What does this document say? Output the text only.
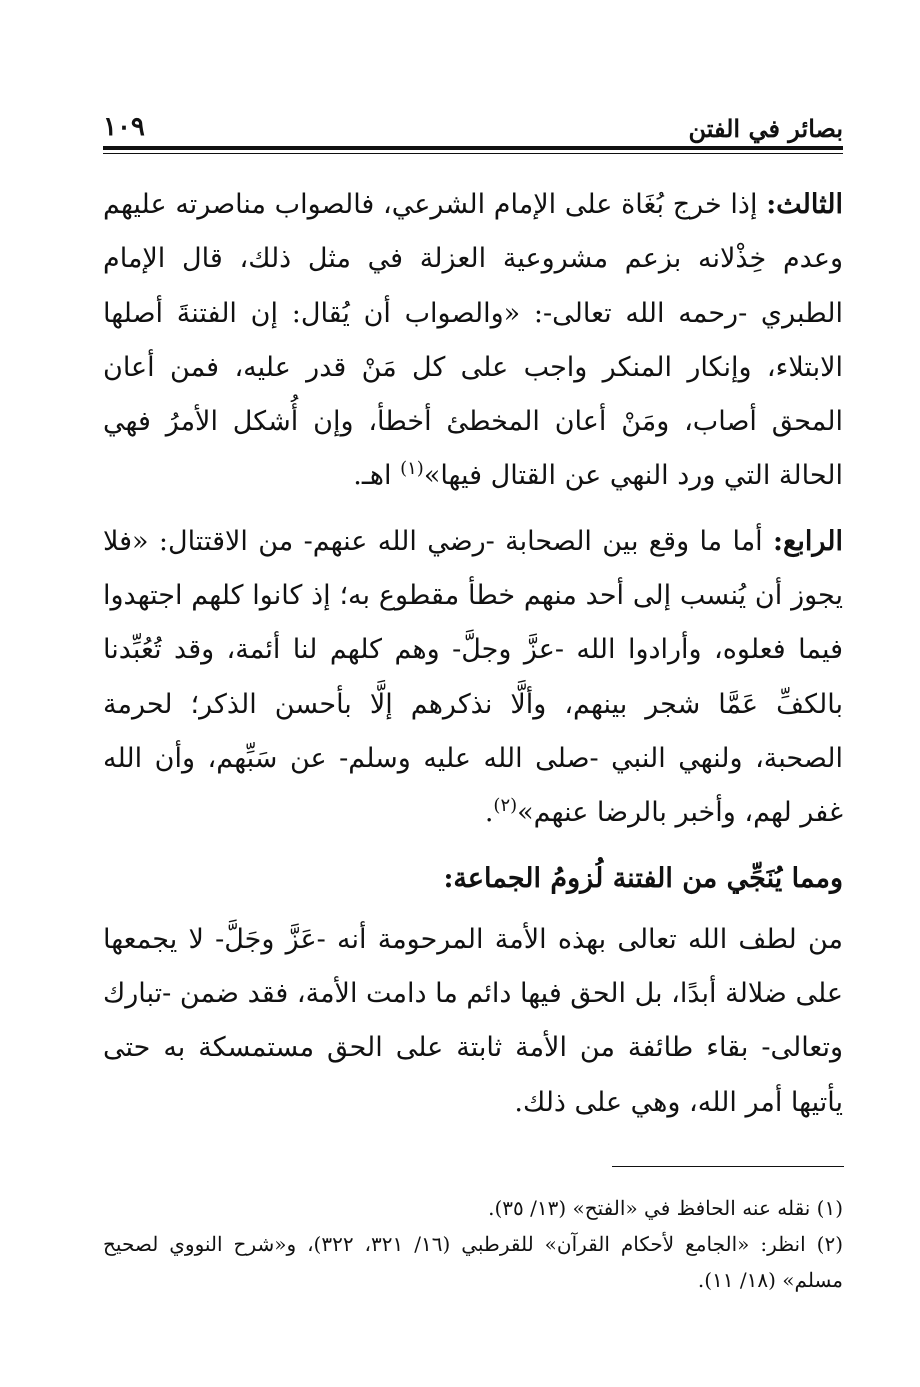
بصائر في الفتن
١٠٩

الثالث: إذا خرج بُغَاة على الإمام الشرعي، فالصواب مناصرته عليهم وعدم خِذْلانه بزعم مشروعية العزلة في مثل ذلك، قال الإمام الطبري -رحمه الله تعالى-: «والصواب أن يُقال: إن الفتنةَ أصلها الابتلاء، وإنكار المنكر واجب على كل مَنْ قدر عليه، فمن أعان المحق أصاب، ومَنْ أعان المخطئ أخطأ، وإن أُشكل الأمرُ فهي الحالة التي ورد النهي عن القتال فيها»$^{(١)}$ اهـ.

الرابع: أما ما وقع بين الصحابة -رضي الله عنهم- من الاقتتال: «فلا يجوز أن يُنسب إلى أحد منهم خطأ مقطوع به؛ إذ كانوا كلهم اجتهدوا فيما فعلوه، وأرادوا الله -عزَّ وجلَّ- وهم كلهم لنا أئمة، وقد تُعُبِّدنا بالكفِّ عَمَّا شجر بينهم، وألَّا نذكرهم إلَّا بأحسن الذكر؛ لحرمة الصحبة، ولنهي النبي -صلى الله عليه وسلم- عن سَبِّهم، وأن الله غفر لهم، وأخبر بالرضا عنهم»$^{(٢)}$.

ومما يُنَجِّي من الفتنة لُزومُ الجماعة:

من لطف الله تعالى بهذه الأمة المرحومة أنه -عَزَّ وجَلَّ- لا يجمعها على ضلالة أبدًا، بل الحق فيها دائم ما دامت الأمة، فقد ضمن -تبارك وتعالى- بقاء طائفة من الأمة ثابتة على الحق مستمسكة به حتى يأتيها أمر الله، وهي على ذلك.

(١) نقله عنه الحافظ في «الفتح» (١٣/ ٣٥).

(٢) انظر: «الجامع لأحكام القرآن» للقرطبي (١٦/ ٣٢١، ٣٢٢)، و«شرح النووي لصحيح مسلم» (١٨/ ١١).
